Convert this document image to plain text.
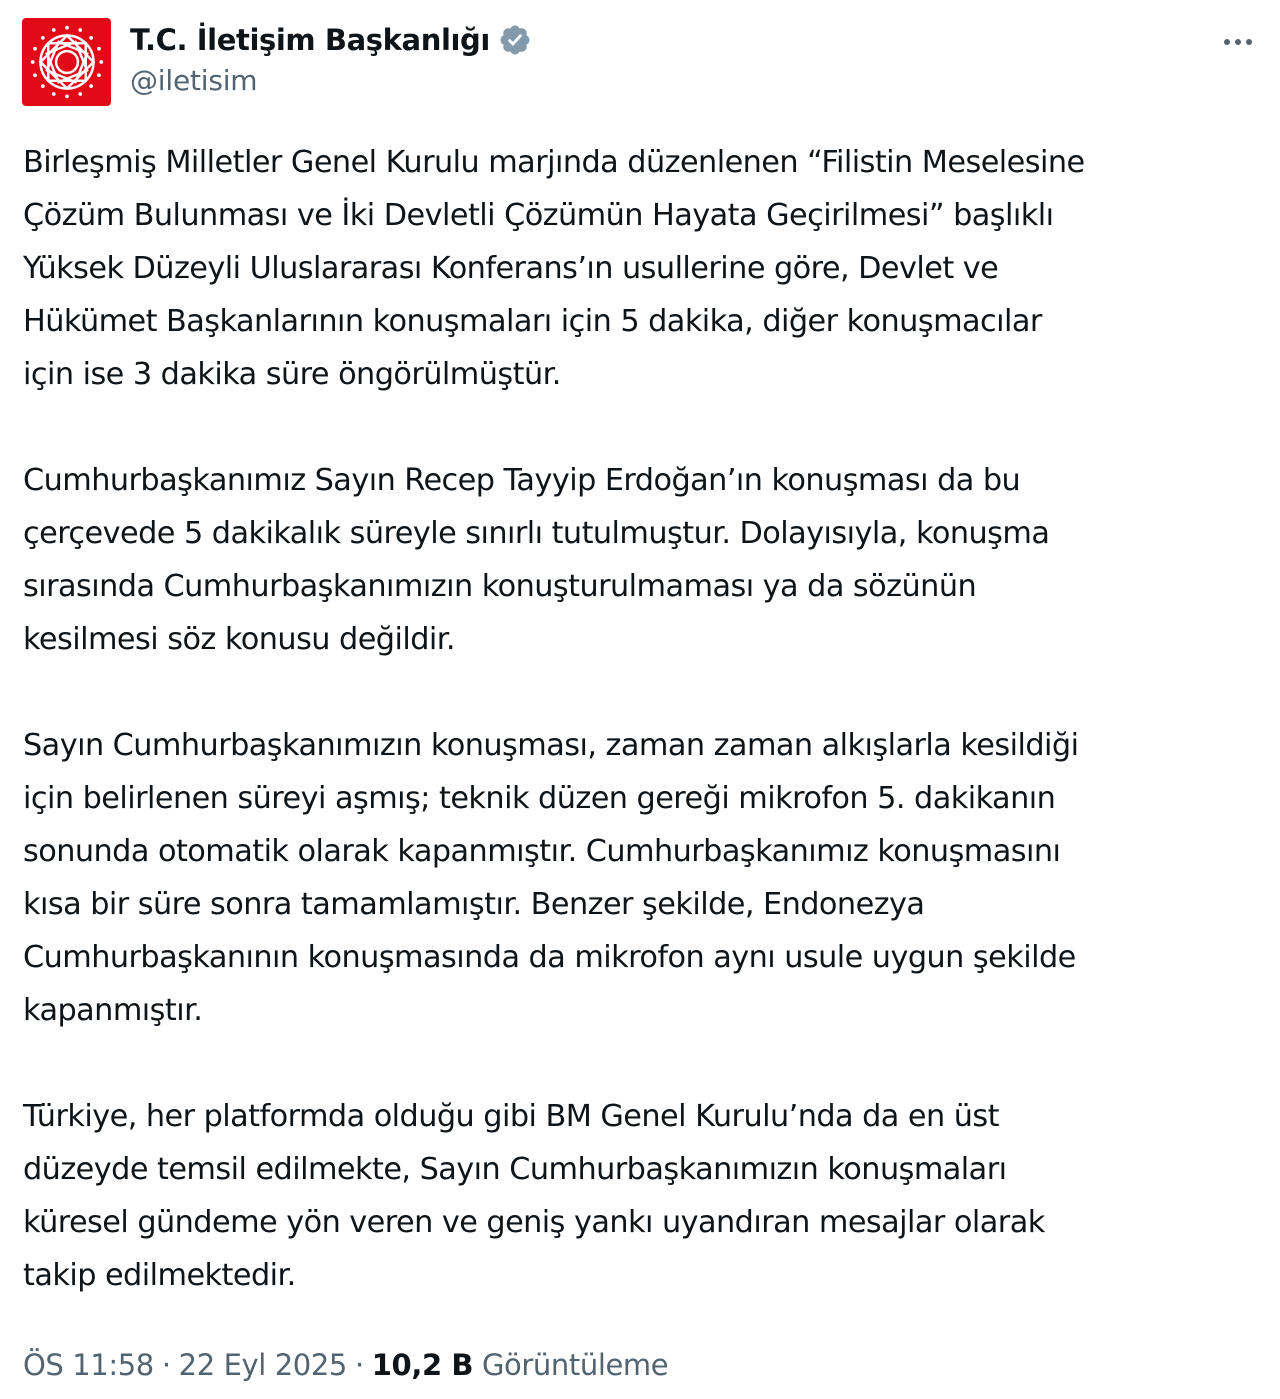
T.C. İletişim Başkanlığı
@iletisim
Birleşmiş Milletler Genel Kurulu marjında düzenlenen “Filistin Meselesine
Çözüm Bulunması ve İki Devletli Çözümün Hayata Geçirilmesi” başlıklı
Yüksek Düzeyli Uluslararası Konferans’ın usullerine göre, Devlet ve
Hükümet Başkanlarının konuşmaları için 5 dakika, diğer konuşmacılar
için ise 3 dakika süre öngörülmüştür.
Cumhurbaşkanımız Sayın Recep Tayyip Erdoğan’ın konuşması da bu
çerçevede 5 dakikalık süreyle sınırlı tutulmuştur. Dolayısıyla, konuşma
sırasında Cumhurbaşkanımızın konuşturulmaması ya da sözünün
kesilmesi söz konusu değildir.
Sayın Cumhurbaşkanımızın konuşması, zaman zaman alkışlarla kesildiği
için belirlenen süreyi aşmış; teknik düzen gereği mikrofon 5. dakikanın
sonunda otomatik olarak kapanmıştır. Cumhurbaşkanımız konuşmasını
kısa bir süre sonra tamamlamıştır. Benzer şekilde, Endonezya
Cumhurbaşkanının konuşmasında da mikrofon aynı usule uygun şekilde
kapanmıştır.
Türkiye, her platformda olduğu gibi BM Genel Kurulu’nda da en üst
düzeyde temsil edilmekte, Sayın Cumhurbaşkanımızın konuşmaları
küresel gündeme yön veren ve geniş yankı uyandıran mesajlar olarak
takip edilmektedir.
ÖS 11:58 · 22 Eyl 2025 · 10,2 B Görüntüleme
